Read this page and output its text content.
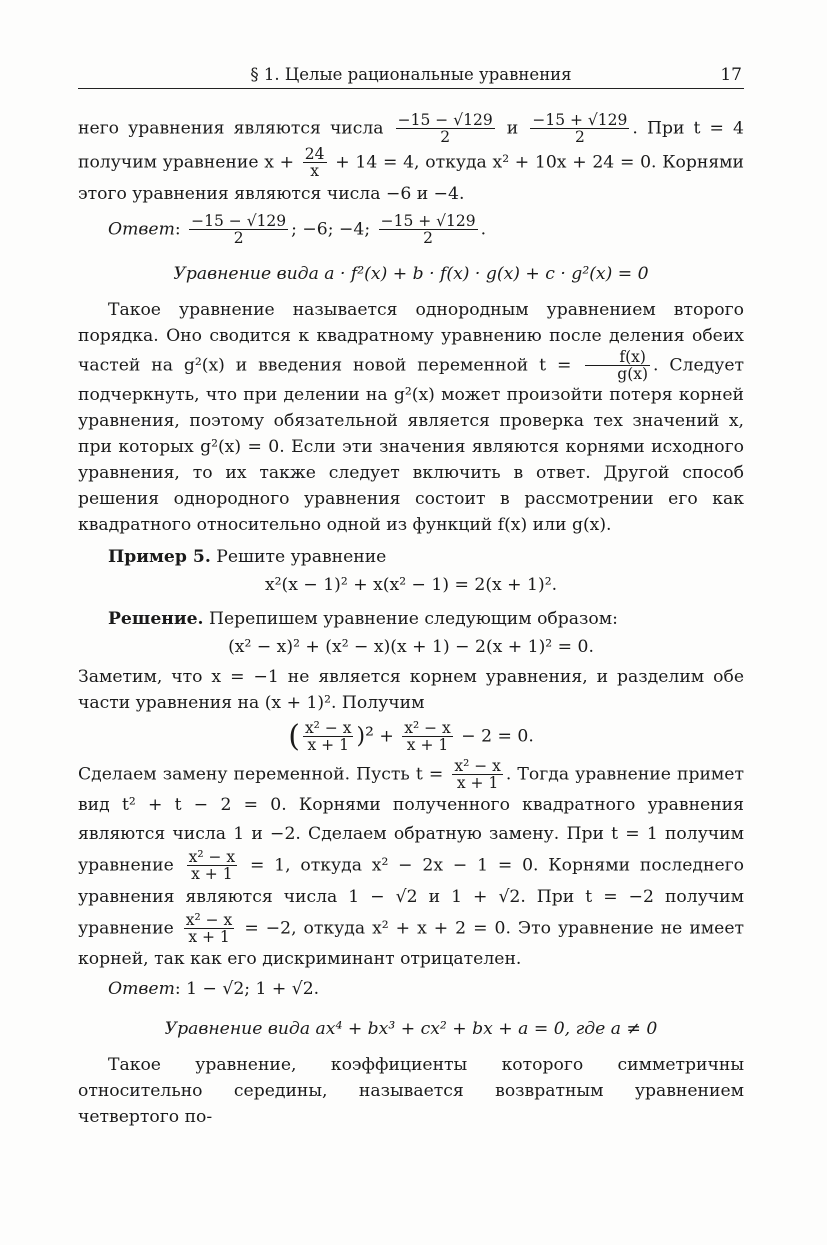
§ 1. Целые рациональные уравнения	17

него уравнения являются числа $\frac{-15 - √129}{2}$ и $\frac{-15 + √129}{2}$ . При t = 4 получим уравнение $x + \frac{24}{x} + 14 = 4$, откуда x² + 10x + 24 = 0. Корнями этого уравнения являются числа −6 и −4.

Ответ: $\frac{-15 - √129}{2}$ ; −6; −4; $\frac{-15 + √129}{2}$ .

Уравнение вида a · f²(x) + b · f(x) · g(x) + c · g²(x) = 0

Такое уравнение называется однородным уравнением второго порядка. Оно сводится к квадратному уравнению после деления обеих частей на g²(x) и введения новой переменной $t = \frac{f(x)}{g(x)}$ . Следует подчеркнуть, что при делении на g²(x) может произойти потеря корней уравнения, поэтому обязательной является проверка тех значений x, при которых g²(x) = 0. Если эти значения являются корнями исходного уравнения, то их также следует включить в ответ. Другой способ решения однородного уравнения состоит в рассмотрении его как квадратного относительно одной из функций f(x) или g(x).

Пример 5. Решите уравнение

x²(x − 1)² + x(x² − 1) = 2(x + 1)².

Решение. Перепишем уравнение следующим образом:

(x² − x)² + (x² − x)(x + 1) − 2(x + 1)² = 0.

Заметим, что x = −1 не является корнем уравнения, и разделим обе части уравнения на (x + 1)². Получим

( $\frac{\text{x² − x}}{x + 1} )^2 + \frac{\text{x² − x}}{x + 1} - 2 = 0$.

Сделаем замену переменной. Пусть $t = \frac{\text{x² − x}}{x + 1}$ . Тогда уравнение примет вид t² + t − 2 = 0. Корнями полученного квадратного уравнения являются числа 1 и −2. Сделаем обратную замену. При t = 1 получим уравнение $\frac{\text{x² − x}}{x + 1} = 1$, откуда x² − 2x − 1 = 0. Корнями последнего уравнения являются числа 1 − √2 и 1 + √2. При t = −2 получим уравнение $\frac{\text{x² − x}}{x + 1} = -2$, откуда x² + x + 2 = 0. Это уравнение не имеет корней, так как его дискриминант отрицателен.

Ответ: 1 − √2; 1 + √2.

Уравнение вида ax⁴ + bx³ + cx² + bx + a = 0, где a ≠ 0

Такое уравнение, коэффициенты которого симметричны относительно середины, называется возвратным уравнением четвертого по-
